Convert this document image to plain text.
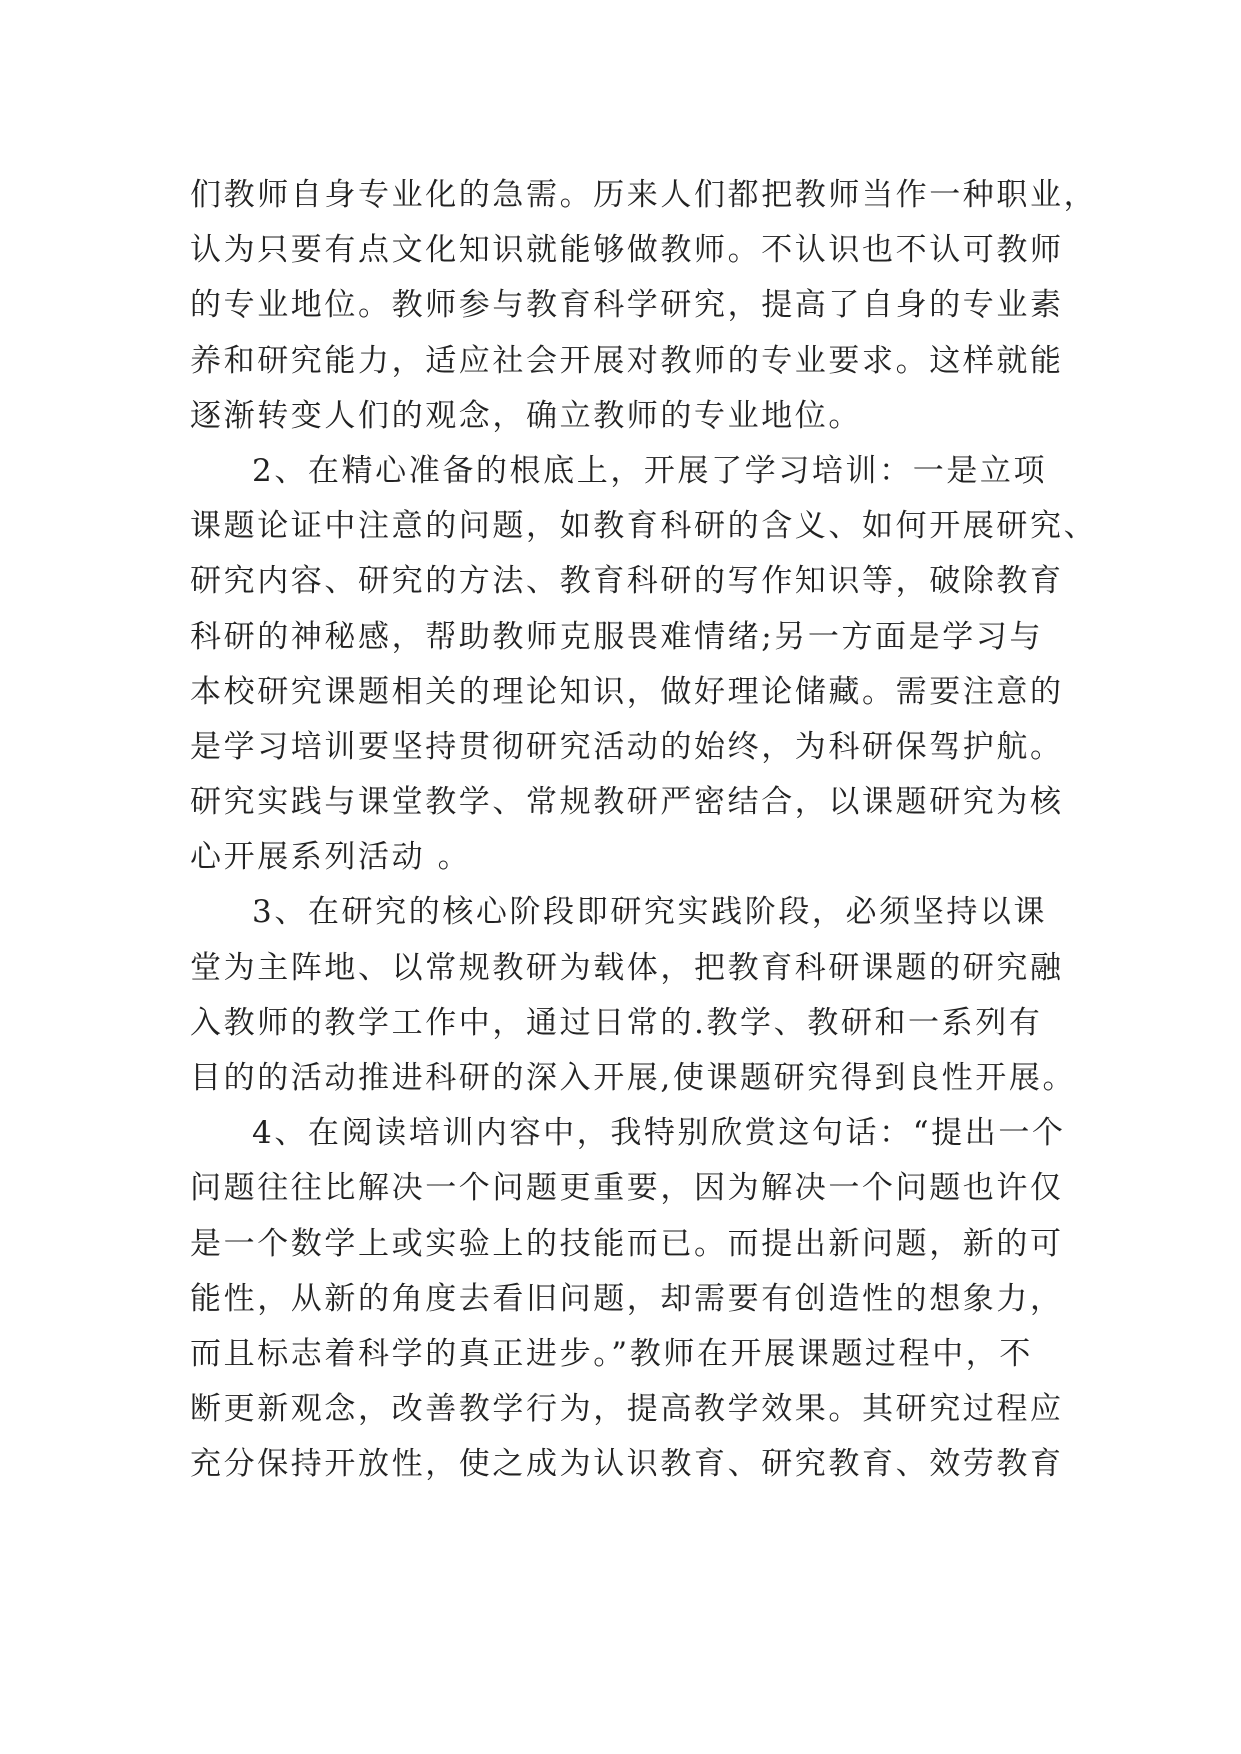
们教师自身专业化的急需。历来人们都把教师当作一种职业，
认为只要有点文化知识就能够做教师。不认识也不认可教师
的专业地位。教师参与教育科学研究，提高了自身的专业素
养和研究能力，适应社会开展对教师的专业要求。这样就能
逐渐转变人们的观念，确立教师的专业地位。
2、在精心准备的根底上，开展了学习培训：一是立项
课题论证中注意的问题，如教育科研的含义、如何开展研究、
研究内容、研究的方法、教育科研的写作知识等，破除教育
科研的神秘感，帮助教师克服畏难情绪;另一方面是学习与
本校研究课题相关的理论知识，做好理论储藏。需要注意的
是学习培训要坚持贯彻研究活动的始终，为科研保驾护航。
研究实践与课堂教学、常规教研严密结合，以课题研究为核
心开展系列活动 。
3、在研究的核心阶段即研究实践阶段，必须坚持以课
堂为主阵地、以常规教研为载体，把教育科研课题的研究融
入教师的教学工作中，通过日常的.教学、教研和一系列有
目的的活动推进科研的深入开展,使课题研究得到良性开展。
4、在阅读培训内容中，我特别欣赏这句话：“提出一个
问题往往比解决一个问题更重要，因为解决一个问题也许仅
是一个数学上或实验上的技能而已。而提出新问题，新的可
能性，从新的角度去看旧问题，却需要有创造性的想象力，
而且标志着科学的真正进步。”教师在开展课题过程中，不
断更新观念，改善教学行为，提高教学效果。其研究过程应
充分保持开放性，使之成为认识教育、研究教育、效劳教育
